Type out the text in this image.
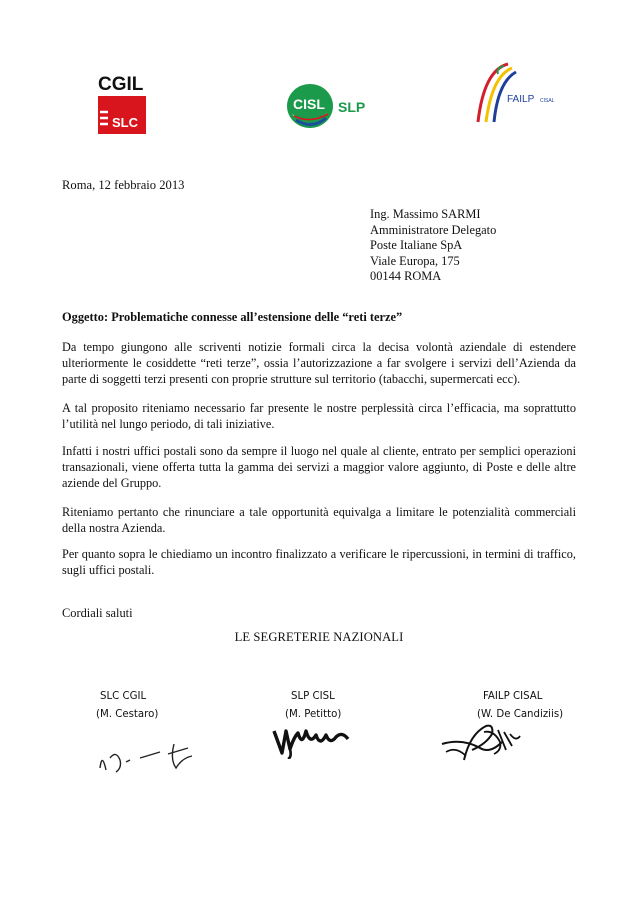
CGIL
SLC
CISL SLP	FAILP CISAL
Roma, 12 febbraio 2013
Ing. Massimo SARMI
Amministratore Delegato
Poste Italiane SpA
Viale Europa, 175
00144 ROMA
Oggetto: Problematiche connesse all’estensione delle “reti terze”

Da tempo giungono alle scriventi notizie formali circa la decisa volontà aziendale di estendere ulteriormente le cosiddette “reti terze”, ossia l’autorizzazione a far svolgere i servizi dell’Azienda da parte di soggetti terzi presenti con proprie strutture sul territorio (tabacchi, supermercati ecc).

A tal proposito riteniamo necessario far presente le nostre perplessità circa l’efficacia, ma soprattutto l’utilità nel lungo periodo, di tali iniziative.

Infatti i nostri uffici postali sono da sempre il luogo nel quale al cliente, entrato per semplici operazioni transazionali, viene offerta tutta la gamma dei servizi a maggior valore aggiunto, di Poste e delle altre aziende del Gruppo.

Riteniamo pertanto che rinunciare a tale opportunità equivalga a limitare le potenzialità commerciali della nostra Azienda.

Per quanto sopra le chiediamo un incontro finalizzato a verificare le ripercussioni, in termini di traffico, sugli uffici postali.

Cordiali saluti
LE SEGRETERIE NAZIONALI
SLC CGIL
(M. Cestaro)
SLP CISL
(M. Petitto)
FAILP CISAL
(W. De Candiziis)
